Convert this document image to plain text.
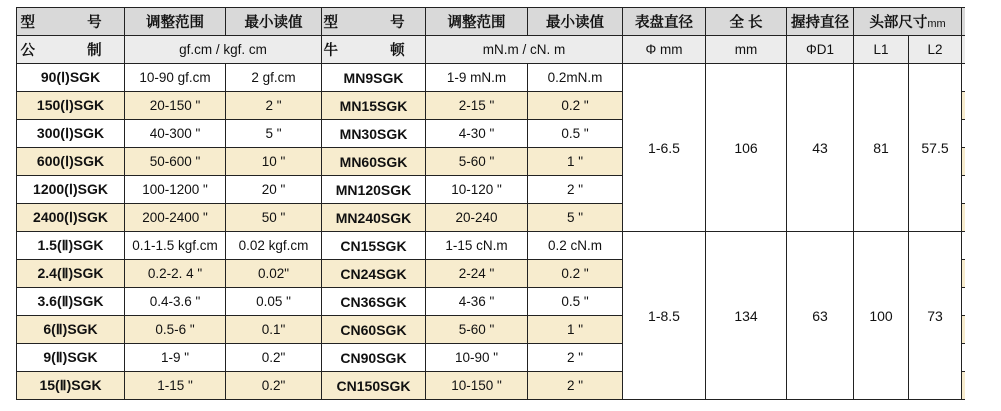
型　号	调整范围	最小读值	型　号	调整范围	最小读值	表盘直径	全 长	握持直径	头部尺寸mm		
公　制	gf.cm / kgf. cm		牛　顿	mN.m / cN. m		Φ mm	mm	ΦD1	L1	L2	
90(Ⅰ)SGK	10-90 gf.cm	2 gf.cm	MN9SGK	1-9 mN.m	0.2mN.m	1-6.5	106	43	81	57.5	
150(Ⅰ)SGK	20-150 "	2 "	MN15SGK	2-15 "	0.2 "						
300(Ⅰ)SGK	40-300 "	5 "	MN30SGK	4-30 "	0.5 "						
600(Ⅰ)SGK	50-600 "	10 "	MN60SGK	5-60 "	1 "						
1200(Ⅰ)SGK	100-1200 "	20 "	MN120SGK	10-120 "	2 "						
2400(Ⅰ)SGK	200-2400 "	50 "	MN240SGK	20-240	5 "						
1.5(Ⅱ)SGK	0.1-1.5 kgf.cm	0.02 kgf.cm	CN15SGK	1-15 cN.m	0.2 cN.m	1-8.5	134	63	100	73	
2.4(Ⅱ)SGK	0.2-2. 4 "	0.02"	CN24SGK	2-24 "	0.2 "						
3.6(Ⅱ)SGK	0.4-3.6 "	0.05 "	CN36SGK	4-36 "	0.5 "						
6(Ⅱ)SGK	0.5-6 "	0.1"	CN60SGK	5-60 "	1 "						
9(Ⅱ)SGK	1-9 "	0.2"	CN90SGK	10-90 "	2 "						
15(Ⅱ)SGK	1-15 "	0.2"	CN150SGK	10-150 "	2 "						
